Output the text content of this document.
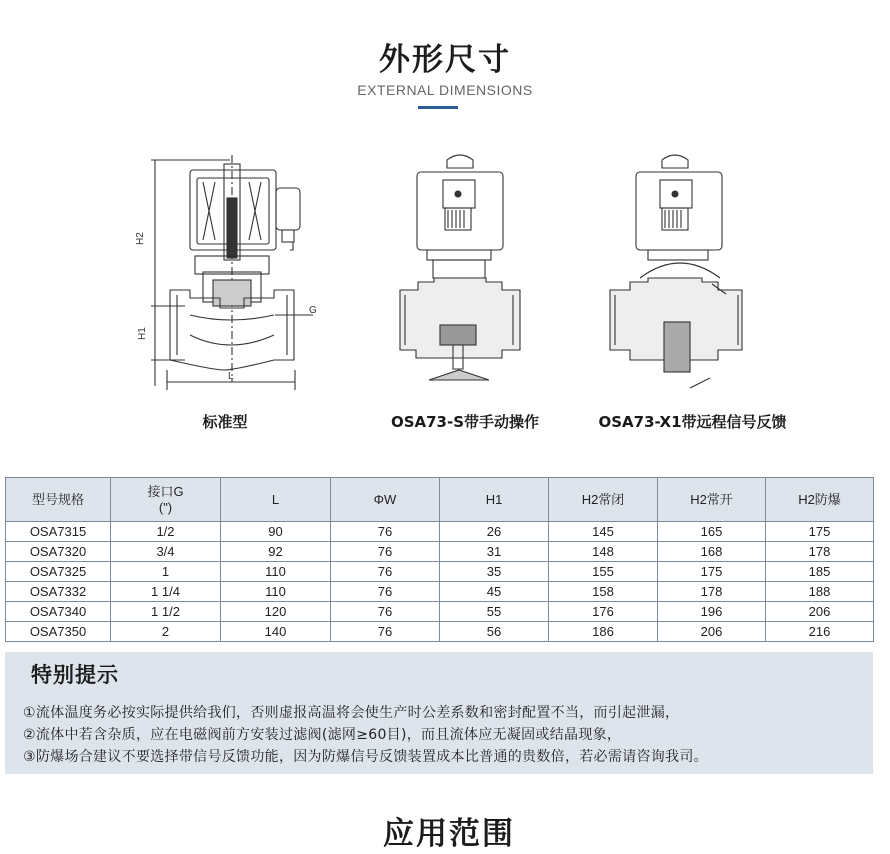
外形尺寸
EXTERNAL DIMENSIONS
H2
H1
G
L
标准型	OSA73-S带手动操作	OSA73-X1带远程信号反馈
型号规格	接口G
(")	L	ΦW	H1	H2常闭	H2常开	H2防爆
OSA7315	1/2	90	76	26	145	165	175
OSA7320	3/4	92	76	31	148	168	178
OSA7325	1	110	76	35	155	175	185
OSA7332	1 1/4	110	76	45	158	178	188
OSA7340	1 1/2	120	76	55	176	196	206
OSA7350	2	140	76	56	186	206	216
特别提示
①流体温度务必按实际提供给我们，否则虚报高温将会使生产时公差系数和密封配置不当，而引起泄漏，
②流体中若含杂质，应在电磁阀前方安装过滤阀(滤网≥60目)，而且流体应无凝固或结晶现象，
③防爆场合建议不要选择带信号反馈功能，因为防爆信号反馈装置成本比普通的贵数倍，若必需请咨询我司。
应用范围
